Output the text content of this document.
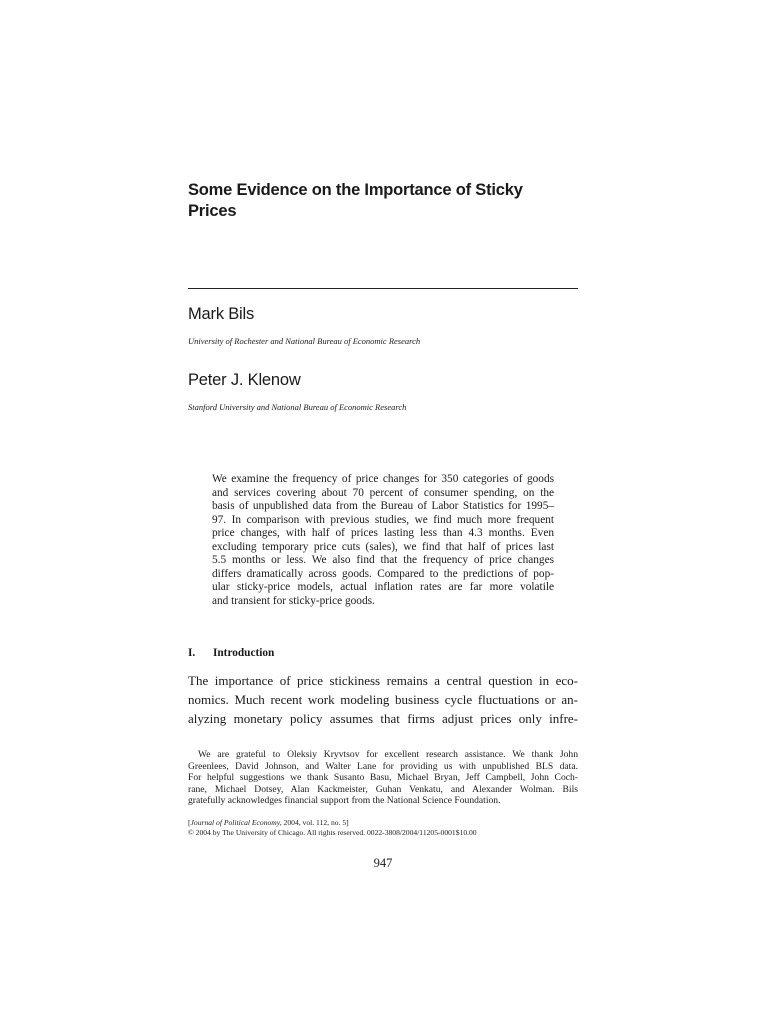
Some Evidence on the Importance of Sticky
Prices
Mark Bils
University of Rochester and National Bureau of Economic Research
Peter J. Klenow
Stanford University and National Bureau of Economic Research
We examine the frequency of price changes for 350 categories of goods
and services covering about 70 percent of consumer spending, on the
basis of unpublished data from the Bureau of Labor Statistics for 1995–
97. In comparison with previous studies, we find much more frequent
price changes, with half of prices lasting less than 4.3 months. Even
excluding temporary price cuts (sales), we find that half of prices last
5.5 months or less. We also find that the frequency of price changes
differs dramatically across goods. Compared to the predictions of pop-
ular sticky-price models, actual inflation rates are far more volatile
and transient for sticky-price goods.
I. Introduction
The importance of price stickiness remains a central question in eco-
nomics. Much recent work modeling business cycle fluctuations or an-
alyzing monetary policy assumes that firms adjust prices only infre-
We are grateful to Oleksiy Kryvtsov for excellent research assistance. We thank John
Greenlees, David Johnson, and Walter Lane for providing us with unpublished BLS data.
For helpful suggestions we thank Susanto Basu, Michael Bryan, Jeff Campbell, John Coch-
rane, Michael Dotsey, Alan Kackmeister, Guhan Venkatu, and Alexander Wolman. Bils
gratefully acknowledges financial support from the National Science Foundation.
[Journal of Political Economy, 2004, vol. 112, no. 5]
© 2004 by The University of Chicago. All rights reserved. 0022-3808/2004/11205-0001$10.00
947
